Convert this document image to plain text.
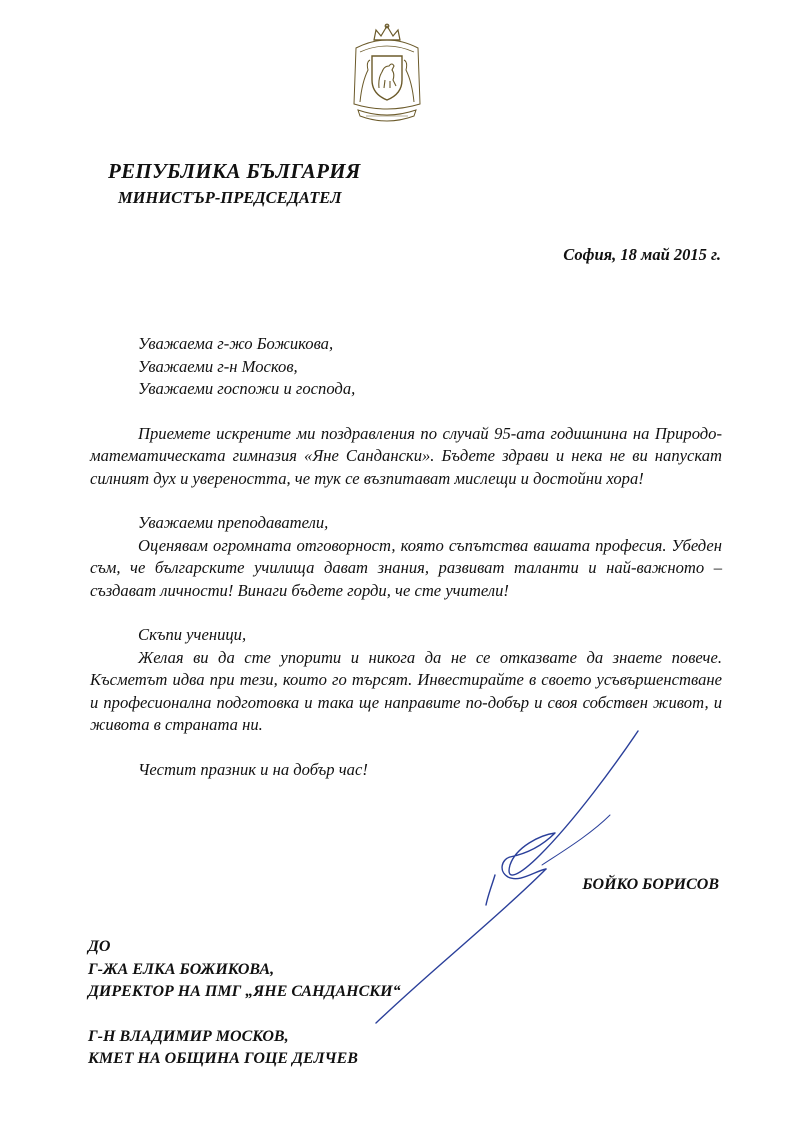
РЕПУБЛИКА БЪЛГАРИЯ
МИНИСТЪР-ПРЕДСЕДАТЕЛ
София, 18 май 2015 г.
Уважаема г-жо Божикова,
Уважаеми г-н Москов,
Уважаеми госпожи и господа,

Приемете искрените ми поздравления по случай 95-ата годишнина на Природо-математическата гимназия «Яне Сандански». Бъдете здрави и нека не ви напускат силният дух и увереността, че тук се възпитават мислещи и достойни хора!

Уважаеми преподаватели,

Оценявам огромната отговорност, която съпътства вашата професия. Убеден съм, че българските училища дават знания, развиват таланти и най-важното – създават личности! Винаги бъдете горди, че сте учители!

Скъпи ученици,

Желая ви да сте упорити и никога да не се отказвате да знаете повече. Късметът идва при тези, които го търсят. Инвестирайте в своето усъвършенстване и професионална подготовка и така ще направите по-добър и своя собствен живот, и живота в страната ни.

Честит празник и на добър час!
БОЙКО БОРИСОВ
ДО
Г-ЖА ЕЛКА БОЖИКОВА,
ДИРЕКТОР НА ПМГ „ЯНЕ САНДАНСКИ“
Г-Н ВЛАДИМИР МОСКОВ,
КМЕТ НА ОБЩИНА ГОЦЕ ДЕЛЧЕВ
